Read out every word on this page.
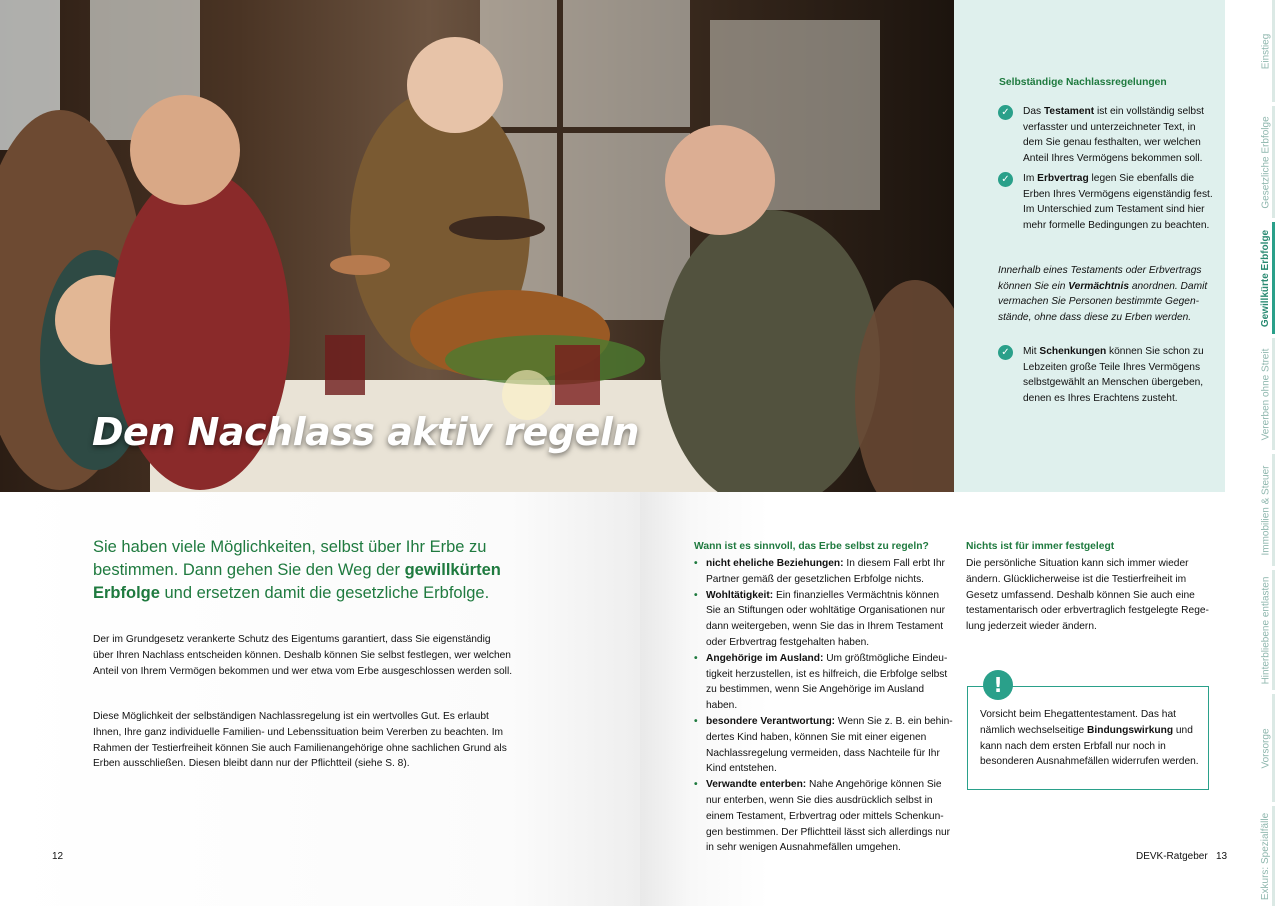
Den Nachlass aktiv regeln

Sie haben viele Möglichkeiten, selbst über Ihr Erbe zu bestimmen. Dann gehen Sie den Weg der gewillkürten Erbfolge und ersetzen damit die gesetzliche Erbfolge.

Der im Grundgesetz verankerte Schutz des Eigentums garantiert, dass Sie eigenständig über Ihren Nachlass entscheiden können. Deshalb können Sie selbst festlegen, wer welchen Anteil von Ihrem Vermögen bekommen und wer etwa vom Erbe ausgeschlossen werden soll.

Diese Möglichkeit der selbständigen Nachlassregelung ist ein wertvolles Gut. Es erlaubt Ihnen, Ihre ganz individuelle Familien- und Lebenssituation beim Vererben zu beachten. Im Rahmen der Testierfreiheit können Sie auch Familienangehörige ohne sachlichen Grund als Erben ausschließen. Diesen bleibt dann nur der Pflichtteil (siehe S. 8).

12
Selbständige Nachlassregelungen
✓	Das Testament ist ein vollständig selbst verfasster und unterzeichneter Text, in dem Sie genau festhalten, wer welchen Anteil Ihres Vermögens bekommen soll.

✓	Im Erbvertrag legen Sie ebenfalls die Erben Ihres Vermögens eigenständig fest. Im Unterschied zum Testament sind hier mehr formelle Bedingungen zu beachten.

Innerhalb eines Testaments oder Erbvertrags können Sie ein Vermächtnis anordnen. Damit vermachen Sie Personen bestimmte Gegen-stände, ohne dass diese zu Erben werden.

✓	Mit Schenkungen können Sie schon zu Lebzeiten große Teile Ihres Vermögens selbstgewählt an Menschen übergeben, denen es Ihres Erachtens zusteht.

Einstieg
Gesetzliche Erbfolge
Gewillkürte Erbfolge
Vererben ohne Streit
Immobilien & Steuer
Hinterbliebene entlasten
Vorsorge
Exkurs: Spezialfälle
Wann ist es sinnvoll, das Erbe selbst zu regeln?
• nicht eheliche Beziehungen: In diesem Fall erbt Ihr Partner gemäß der gesetzlichen Erbfolge nichts.
• Wohltätigkeit: Ein finanzielles Vermächtnis können Sie an Stiftungen oder wohltätige Organisationen nur dann weitergeben, wenn Sie das in Ihrem Testament oder Erbvertrag festgehalten haben.
• Angehörige im Ausland: Um größtmögliche Eindeu-tigkeit herzustellen, ist es hilfreich, die Erbfolge selbst zu bestimmen, wenn Sie Angehörige im Ausland haben.
• besondere Verantwortung: Wenn Sie z. B. ein behin-dertes Kind haben, können Sie mit einer eigenen Nachlassregelung vermeiden, dass Nachteile für Ihr Kind entstehen.
• Verwandte enterben: Nahe Angehörige können Sie nur enterben, wenn Sie dies ausdrücklich selbst in einem Testament, Erbvertrag oder mittels Schenkun-gen bestimmen. Der Pflichtteil lässt sich allerdings nur in sehr wenigen Ausnahmefällen umgehen.
Nichts ist für immer festgelegt

Die persönliche Situation kann sich immer wieder ändern. Glücklicherweise ist die Testierfreiheit im Gesetz umfassend. Deshalb können Sie auch eine testamentarisch oder erbvertraglich festgelegte Rege-lung jederzeit wieder ändern.

!

Vorsicht beim Ehegattentestament. Das hat nämlich wechselseitige Bindungswirkung und kann nach dem ersten Erbfall nur noch in besonderen Ausnahmefällen widerrufen werden.

DEVK-Ratgeber 13
